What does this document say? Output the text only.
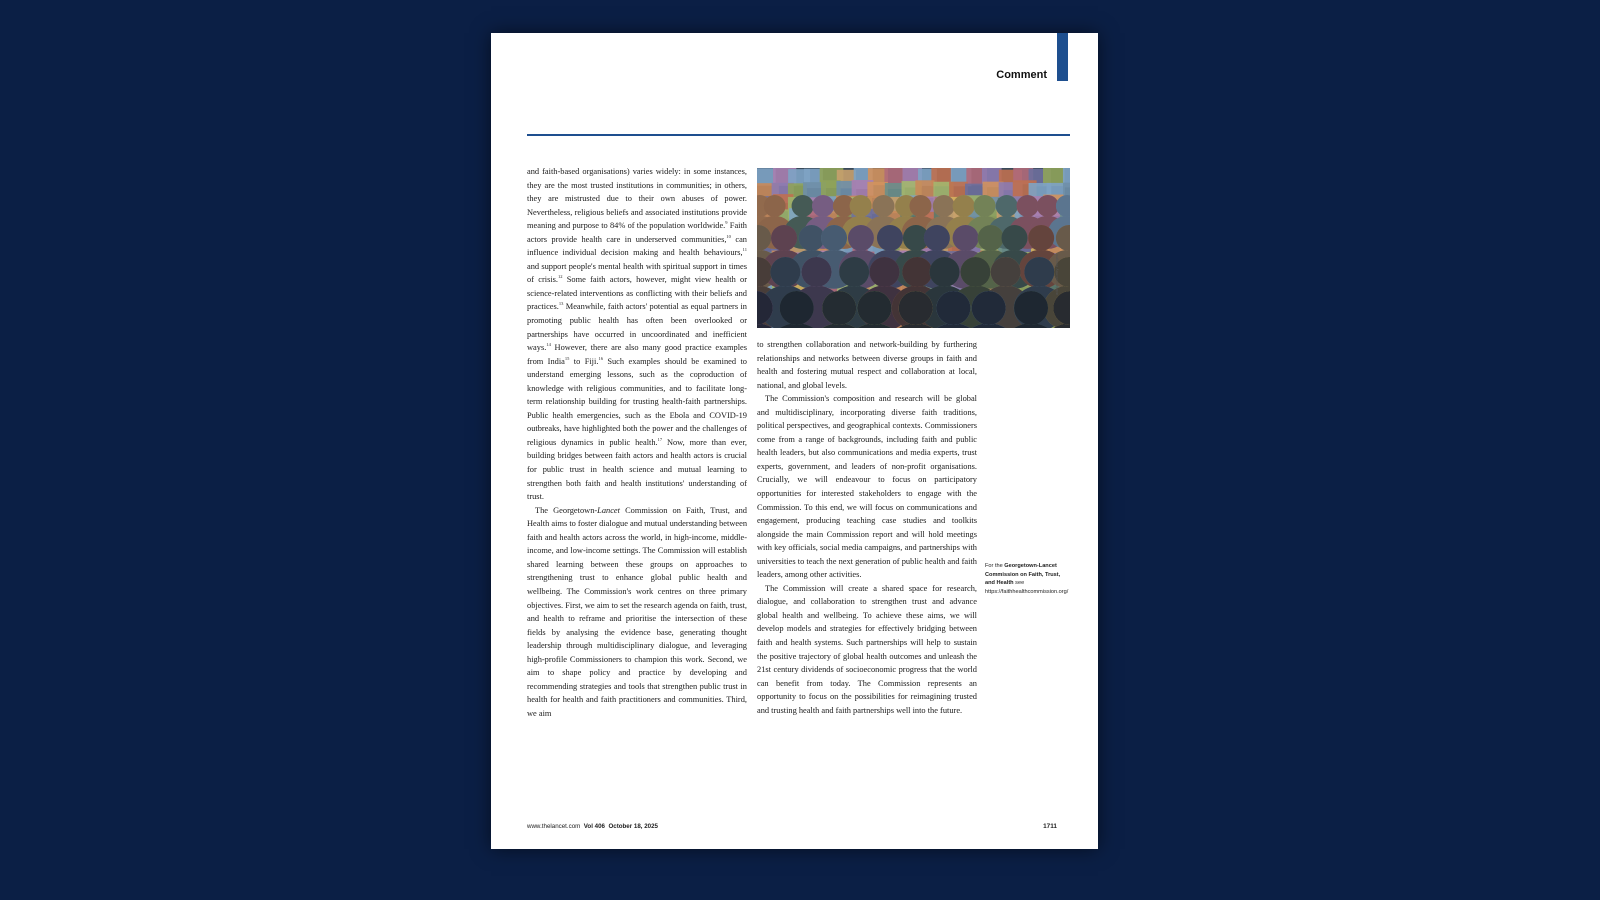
Comment

and faith-based organisations) varies widely: in some instances, they are the most trusted institutions in communities; in others, they are mistrusted due to their own abuses of power. Nevertheless, religious beliefs and associated institutions provide meaning and purpose to 84% of the population worldwide.$^9$ Faith actors provide health care in underserved communities,$^{10}$ can influence individual decision making and health behaviours,$^{11}$ and support people's mental health with spiritual support in times of crisis.$^{12}$ Some faith actors, however, might view health or science-related interventions as conflicting with their beliefs and practices.$^{13}$ Meanwhile, faith actors' potential as equal partners in promoting public health has often been overlooked or partnerships have occurred in uncoordinated and inefficient ways.$^{14}$ However, there are also many good practice examples from India$^{15}$ to Fiji.$^{16}$ Such examples should be examined to understand emerging lessons, such as the coproduction of knowledge with religious communities, and to facilitate long-term relationship building for trusting health-faith partnerships. Public health emergencies, such as the Ebola and COVID-19 outbreaks, have highlighted both the power and the challenges of religious dynamics in public health.$^{17}$ Now, more than ever, building bridges between faith actors and health actors is crucial for public trust in health science and mutual learning to strengthen both faith and health institutions' understanding of trust.

The Georgetown-Lancet Commission on Faith, Trust, and Health aims to foster dialogue and mutual understanding between faith and health actors across the world, in high-income, middle-income, and low-income settings. The Commission will establish shared learning between these groups on approaches to strengthening trust to enhance global public health and wellbeing. The Commission's work centres on three primary objectives. First, we aim to set the research agenda on faith, trust, and health to reframe and prioritise the intersection of these fields by analysing the evidence base, generating thought leadership through multidisciplinary dialogue, and leveraging high-profile Commissioners to champion this work. Second, we aim to shape policy and practice by developing and recommending strategies and tools that strengthen public trust in health for health and faith practitioners and communities. Third, we aim

adikla.co/Getty Images

to strengthen collaboration and network-building by furthering relationships and networks between diverse groups in faith and health and fostering mutual respect and collaboration at local, national, and global levels.

The Commission's composition and research will be global and multidisciplinary, incorporating diverse faith traditions, political perspectives, and geographical contexts. Commissioners come from a range of backgrounds, including faith and public health leaders, but also communications and media experts, trust experts, government, and leaders of non-profit organisations. Crucially, we will endeavour to focus on participatory opportunities for interested stakeholders to engage with the Commission. To this end, we will focus on communications and engagement, producing teaching case studies and toolkits alongside the main Commission report and will hold meetings with key officials, social media campaigns, and partnerships with universities to teach the next generation of public health and faith leaders, among other activities.

The Commission will create a shared space for research, dialogue, and collaboration to strengthen trust and advance global health and wellbeing. To achieve these aims, we will develop models and strategies for effectively bridging between faith and health systems. Such partnerships will help to sustain the positive trajectory of global health outcomes and unleash the 21st century dividends of socioeconomic progress that the world can benefit from today. The Commission represents an opportunity to focus on the possibilities for reimagining trusted and trusting health and faith partnerships well into the future.

For the Georgetown-Lancet Commission on Faith, Trust, and Health see https://faithhealthcommission.org/
www.thelancet.com Vol 406 October 18, 2025	1711
